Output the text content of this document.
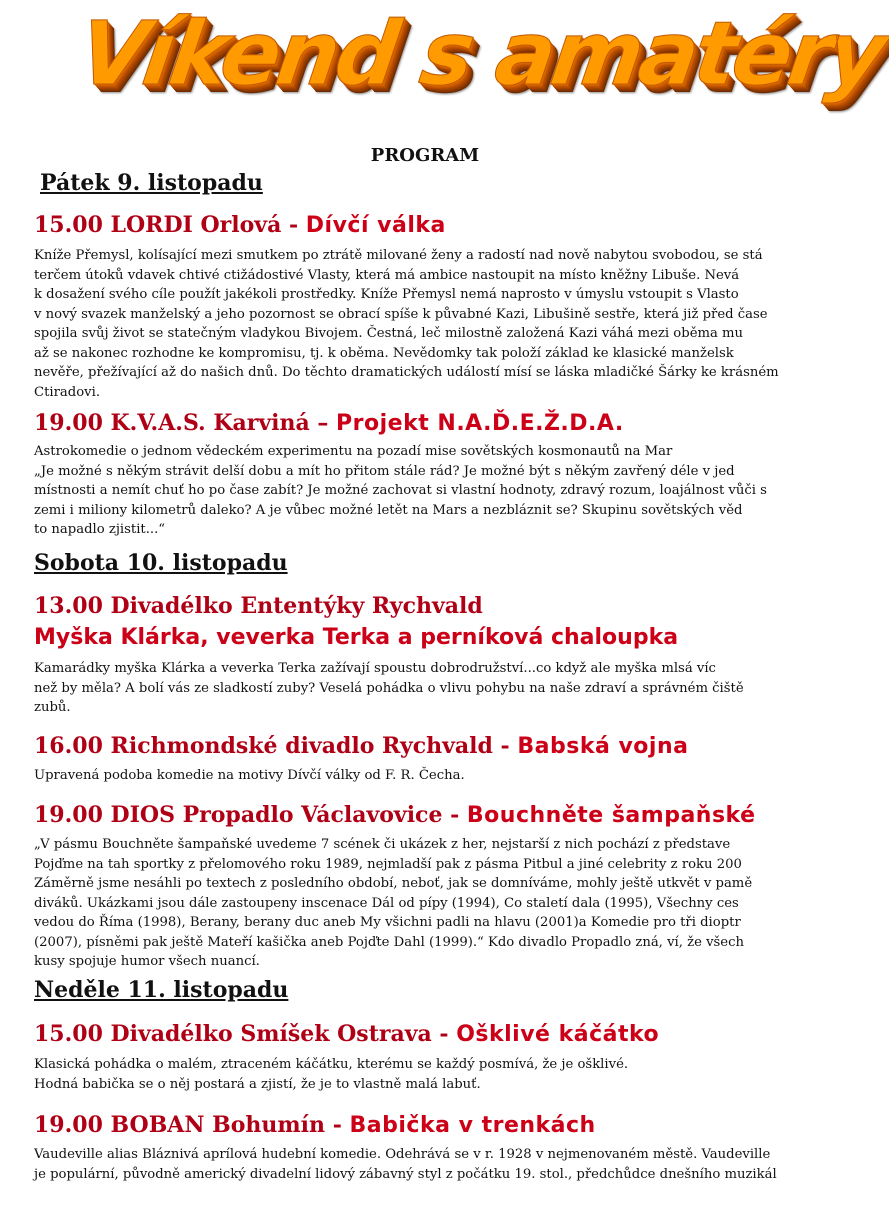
Víkend s amatéry
PROGRAM
Pátek 9. listopadu
15.00 LORDI Orlová - Dívčí válka
Kníže Přemysl, kolísající mezi smutkem po ztrátě milované ženy a radostí nad nově nabytou svobodou, se stá
terčem útoků vdavek chtivé ctižádostivé Vlasty, která má ambice nastoupit na místo kněžny Libuše. Nevá
k dosažení svého cíle použít jakékoli prostředky. Kníže Přemysl nemá naprosto v úmyslu vstoupit s Vlasto
v nový svazek manželský a jeho pozornost se obrací spíše k půvabné Kazi, Libušině sestře, která již před čase
spojila svůj život se statečným vladykou Bivojem. Čestná, leč milostně založená Kazi váhá mezi oběma mu
až se nakonec rozhodne ke kompromisu, tj. k oběma. Nevědomky tak položí základ ke klasické manželsk
nevěře, přežívající až do našich dnů. Do těchto dramatických událostí mísí se láska mladičké Šárky ke krásném
Ctiradovi.
19.00 K.V.A.S. Karviná – Projekt N.A.Ď.E.Ž.D.A.
Astrokomedie o jednom vědeckém experimentu na pozadí mise sovětských kosmonautů na Mar
„Je možné s někým strávit delší dobu a mít ho přitom stále rád? Je možné být s někým zavřený déle v jed
místnosti a nemít chuť ho po čase zabít? Je možné zachovat si vlastní hodnoty, zdravý rozum, loajálnost vůči s
zemi i miliony kilometrů daleko? A je vůbec možné letět na Mars a nezbláznit se? Skupinu sovětských věd
to napadlo zjistit...“
Sobota 10. listopadu
13.00 Divadélko Ententýky Rychvald
Myška Klárka, veverka Terka a perníková chaloupka
Kamarádky myška Klárka a veverka Terka zažívají spoustu dobrodružství...co když ale myška mlsá víc
než by měla? A bolí vás ze sladkostí zuby? Veselá pohádka o vlivu pohybu na naše zdraví a správném čiště
zubů.
16.00 Richmondské divadlo Rychvald - Babská vojna
Upravená podoba komedie na motivy Dívčí války od F. R. Čecha.
19.00 DIOS Propadlo Václavovice - Bouchněte šampaňské
„V pásmu Bouchněte šampaňské uvedeme 7 scének či ukázek z her, nejstarší z nich pochází z představe
Pojďme na tah sportky z přelomového roku 1989, nejmladší pak z pásma Pitbul a jiné celebrity z roku 200
Záměrně jsme nesáhli po textech z posledního období, neboť, jak se domníváme, mohly ještě utkvět v pamě
diváků. Ukázkami jsou dále zastoupeny inscenace Dál od pípy (1994), Co staletí dala (1995), Všechny ces
vedou do Říma (1998), Berany, berany duc aneb My všichni padli na hlavu (2001)a Komedie pro tři dioptr
(2007), písněmi pak ještě Mateří kašička aneb Pojďte Dahl (1999).“ Kdo divadlo Propadlo zná, ví, že všech
kusy spojuje humor všech nuancí.
Neděle 11. listopadu
15.00 Divadélko Smíšek Ostrava - Ošklivé káčátko
Klasická pohádka o malém, ztraceném káčátku, kterému se každý posmívá, že je ošklivé.
Hodná babička se o něj postará a zjistí, že je to vlastně malá labuť.
19.00 BOBAN Bohumín - Babička v trenkách
Vaudeville alias Bláznivá aprílová hudební komedie. Odehrává se v r. 1928 v nejmenovaném městě. Vaudeville
je populární, původně americký divadelní lidový zábavný styl z počátku 19. stol., předchůdce dnešního muzikál
